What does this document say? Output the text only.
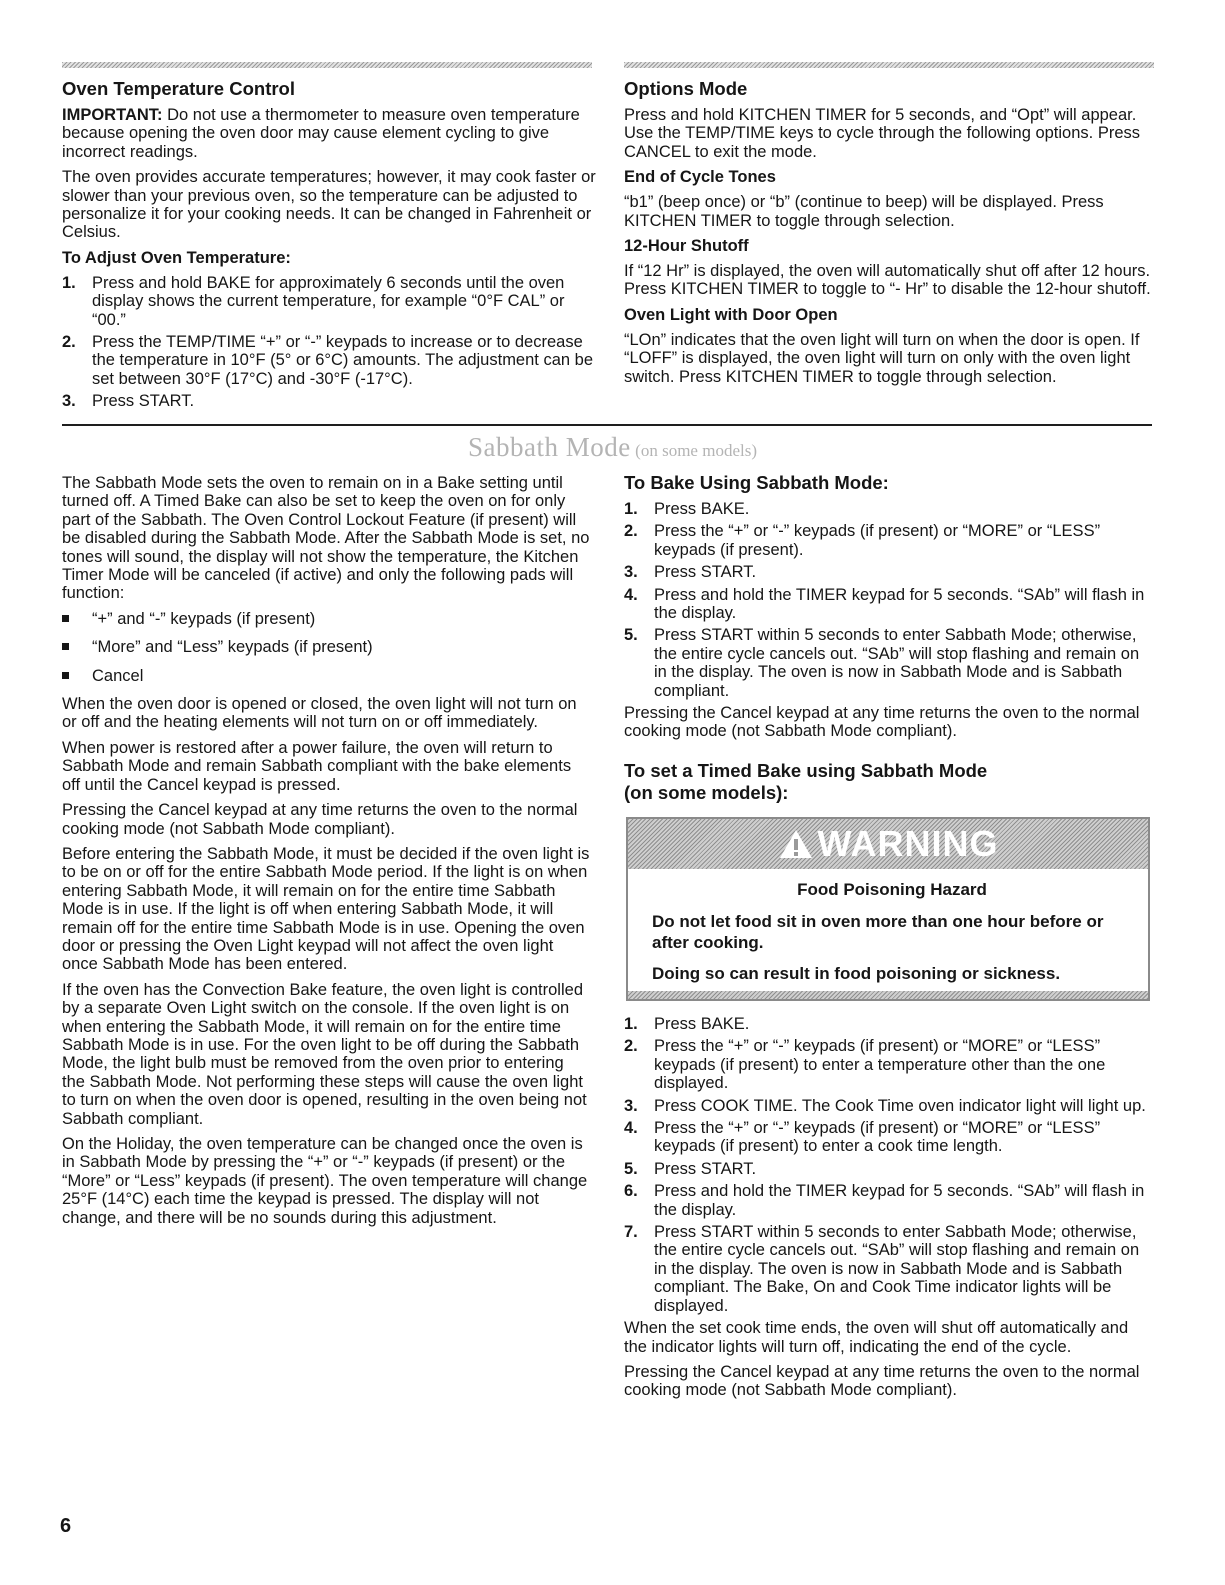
Oven Temperature Control

IMPORTANT: Do not use a thermometer to measure oven temperature because opening the oven door may cause element cycling to give incorrect readings.

The oven provides accurate temperatures; however, it may cook faster or slower than your previous oven, so the temperature can be adjusted to personalize it for your cooking needs. It can be changed in Fahrenheit or Celsius.

To Adjust Oven Temperature:
1. Press and hold BAKE for approximately 6 seconds until the oven display shows the current temperature, for example “0°F CAL” or “00.”
2. Press the TEMP/TIME “+” or “-” keypads to increase or to decrease the temperature in 10°F (5° or 6°C) amounts. The adjustment can be set between 30°F (17°C) and -30°F (-17°C).
3. Press START.
Options Mode

Press and hold KITCHEN TIMER for 5 seconds, and “Opt” will appear. Use the TEMP/TIME keys to cycle through the following options. Press CANCEL to exit the mode.

End of Cycle Tones

“b1” (beep once) or “b” (continue to beep) will be displayed. Press KITCHEN TIMER to toggle through selection.

12-Hour Shutoff

If “12 Hr” is displayed, the oven will automatically shut off after 12 hours. Press KITCHEN TIMER to toggle to “- Hr” to disable the 12-hour shutoff.

Oven Light with Door Open

“LOn” indicates that the oven light will turn on when the door is open. If “LOFF” is displayed, the oven light will turn on only with the oven light switch. Press KITCHEN TIMER to toggle through selection.

Sabbath Mode (on some models)

The Sabbath Mode sets the oven to remain on in a Bake setting until turned off. A Timed Bake can also be set to keep the oven on for only part of the Sabbath. The Oven Control Lockout Feature (if present) will be disabled during the Sabbath Mode. After the Sabbath Mode is set, no tones will sound, the display will not show the temperature, the Kitchen Timer Mode will be canceled (if active) and only the following pads will function:

“+” and “-” keypads (if present)
“More” and “Less” keypads (if present)
Cancel

When the oven door is opened or closed, the oven light will not turn on or off and the heating elements will not turn on or off immediately.

When power is restored after a power failure, the oven will return to Sabbath Mode and remain Sabbath compliant with the bake elements off until the Cancel keypad is pressed.

Pressing the Cancel keypad at any time returns the oven to the normal cooking mode (not Sabbath Mode compliant).

Before entering the Sabbath Mode, it must be decided if the oven light is to be on or off for the entire Sabbath Mode period. If the light is on when entering Sabbath Mode, it will remain on for the entire time Sabbath Mode is in use. If the light is off when entering Sabbath Mode, it will remain off for the entire time Sabbath Mode is in use. Opening the oven door or pressing the Oven Light keypad will not affect the oven light once Sabbath Mode has been entered.

If the oven has the Convection Bake feature, the oven light is controlled by a separate Oven Light switch on the console. If the oven light is on when entering the Sabbath Mode, it will remain on for the entire time Sabbath Mode is in use. For the oven light to be off during the Sabbath Mode, the light bulb must be removed from the oven prior to entering the Sabbath Mode. Not performing these steps will cause the oven light to turn on when the oven door is opened, resulting in the oven being not Sabbath compliant.

On the Holiday, the oven temperature can be changed once the oven is in Sabbath Mode by pressing the “+” or “-” keypads (if present) or the “More” or “Less” keypads (if present). The oven temperature will change 25°F (14°C) each time the keypad is pressed. The display will not change, and there will be no sounds during this adjustment.

To Bake Using Sabbath Mode:
1. Press BAKE.
2. Press the “+” or “-” keypads (if present) or “MORE” or “LESS” keypads (if present).
3. Press START.
4. Press and hold the TIMER keypad for 5 seconds. “SAb” will flash in the display.
5. Press START within 5 seconds to enter Sabbath Mode; otherwise, the entire cycle cancels out. “SAb” will stop flashing and remain on in the display. The oven is now in Sabbath Mode and is Sabbath compliant.

Pressing the Cancel keypad at any time returns the oven to the normal cooking mode (not Sabbath Mode compliant).

To set a Timed Bake using Sabbath Mode
(on some models):
WARNING
Food Poisoning Hazard
Do not let food sit in oven more than one hour before or after cooking.
Doing so can result in food poisoning or sickness.
1. Press BAKE.
2. Press the “+” or “-” keypads (if present) or “MORE” or “LESS” keypads (if present) to enter a temperature other than the one displayed.
3. Press COOK TIME. The Cook Time oven indicator light will light up.
4. Press the “+” or “-” keypads (if present) or “MORE” or “LESS” keypads (if present) to enter a cook time length.
5. Press START.
6. Press and hold the TIMER keypad for 5 seconds. “SAb” will flash in the display.
7. Press START within 5 seconds to enter Sabbath Mode; otherwise, the entire cycle cancels out. “SAb” will stop flashing and remain on in the display. The oven is now in Sabbath Mode and is Sabbath compliant. The Bake, On and Cook Time indicator lights will be displayed.

When the set cook time ends, the oven will shut off automatically and the indicator lights will turn off, indicating the end of the cycle.

Pressing the Cancel keypad at any time returns the oven to the normal cooking mode (not Sabbath Mode compliant).

6
